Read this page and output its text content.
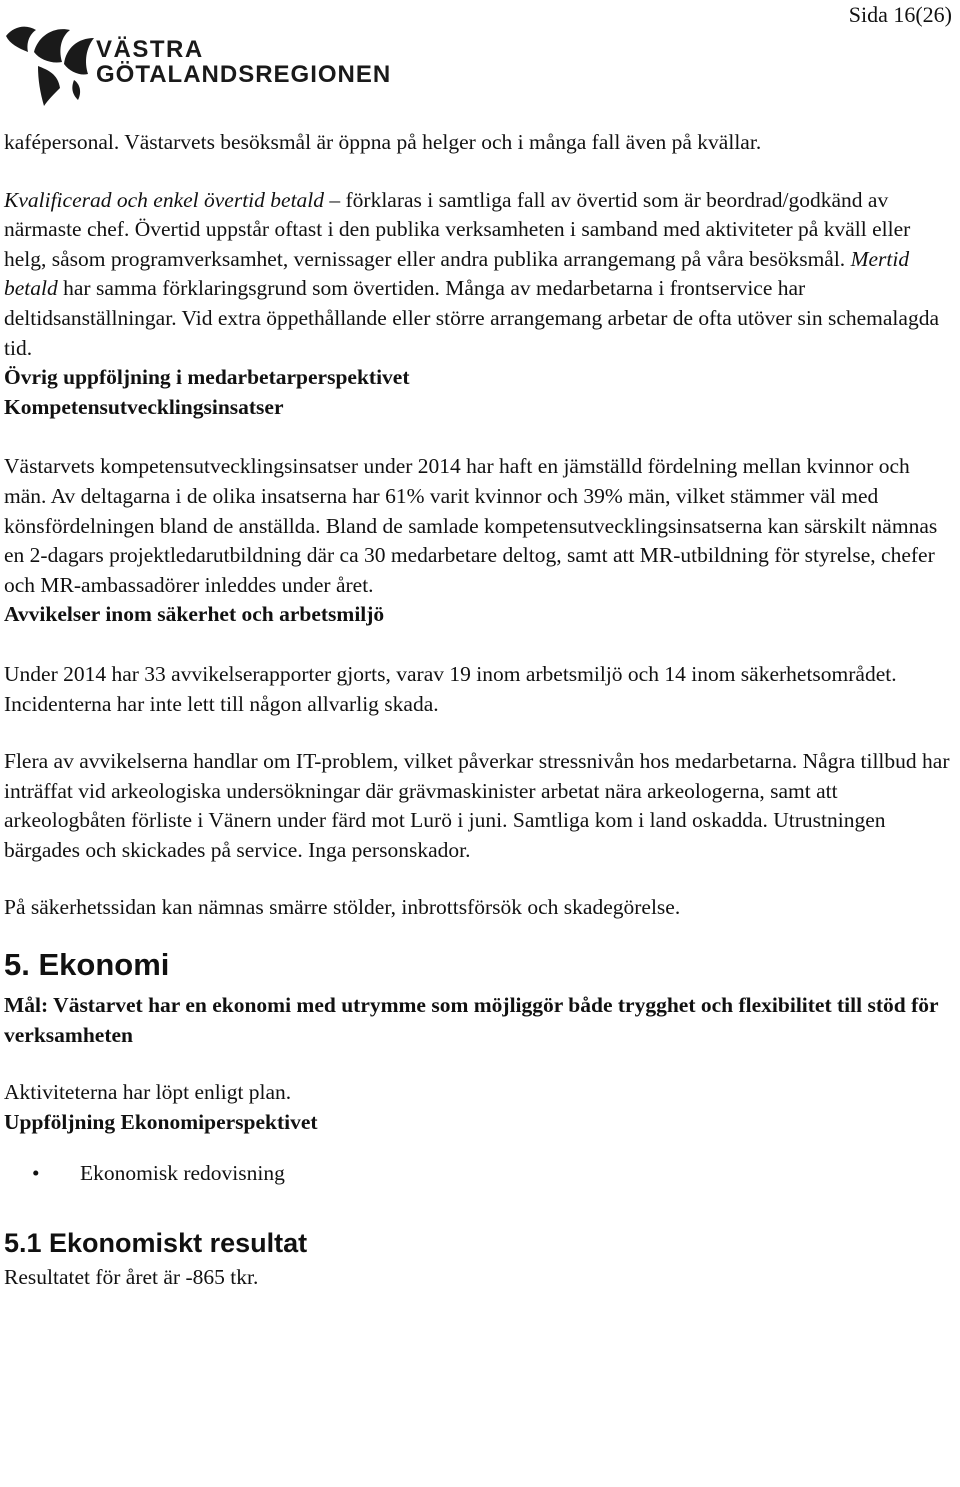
Sida 16(26)
VÄSTRA
GÖTALANDSREGIONEN

kafépersonal. Västarvets besöksmål är öppna på helger och i många fall även på kvällar.

Kvalificerad och enkel övertid betald – förklaras i samtliga fall av övertid som är beordrad/godkänd av närmaste chef. Övertid uppstår oftast i den publika verksamheten i samband med aktiviteter på kväll eller helg, såsom programverksamhet, vernissager eller andra publika arrangemang på våra besöksmål. Mertid betald har samma förklaringsgrund som övertiden. Många av medarbetarna i frontservice har deltidsanställningar. Vid extra öppethållande eller större arrangemang arbetar de ofta utöver sin schemalagda tid.

Övrig uppföljning i medarbetarperspektivet

Kompetensutvecklingsinsatser

Västarvets kompetensutvecklingsinsatser under 2014 har haft en jämställd fördelning mellan kvinnor och män. Av deltagarna i de olika insatserna har 61% varit kvinnor och 39% män, vilket stämmer väl med könsfördelningen bland de anställda. Bland de samlade kompetensutvecklingsinsatserna kan särskilt nämnas en 2-dagars projektledarutbildning där ca 30 medarbetare deltog, samt att MR-utbildning för styrelse, chefer och MR-ambassadörer inleddes under året.

Avvikelser inom säkerhet och arbetsmiljö

Under 2014 har 33 avvikelserapporter gjorts, varav 19 inom arbetsmiljö och 14 inom säkerhetsområdet. Incidenterna har inte lett till någon allvarlig skada.

Flera av avvikelserna handlar om IT-problem, vilket påverkar stressnivån hos medarbetarna. Några tillbud har inträffat vid arkeologiska undersökningar där grävmaskinister arbetat nära arkeologerna, samt att arkeologbåten förliste i Vänern under färd mot Lurö i juni. Samtliga kom i land oskadda. Utrustningen bärgades och skickades på service. Inga personskador.

På säkerhetssidan kan nämnas smärre stölder, inbrottsförsök och skadegörelse.

5. Ekonomi

Mål: Västarvet har en ekonomi med utrymme som möjliggör både trygghet och flexibilitet till stöd för verksamheten

Aktiviteterna har löpt enligt plan.

Uppföljning Ekonomiperspektivet

• Ekonomisk redovisning
5.1 Ekonomiskt resultat

Resultatet för året är -865 tkr.
